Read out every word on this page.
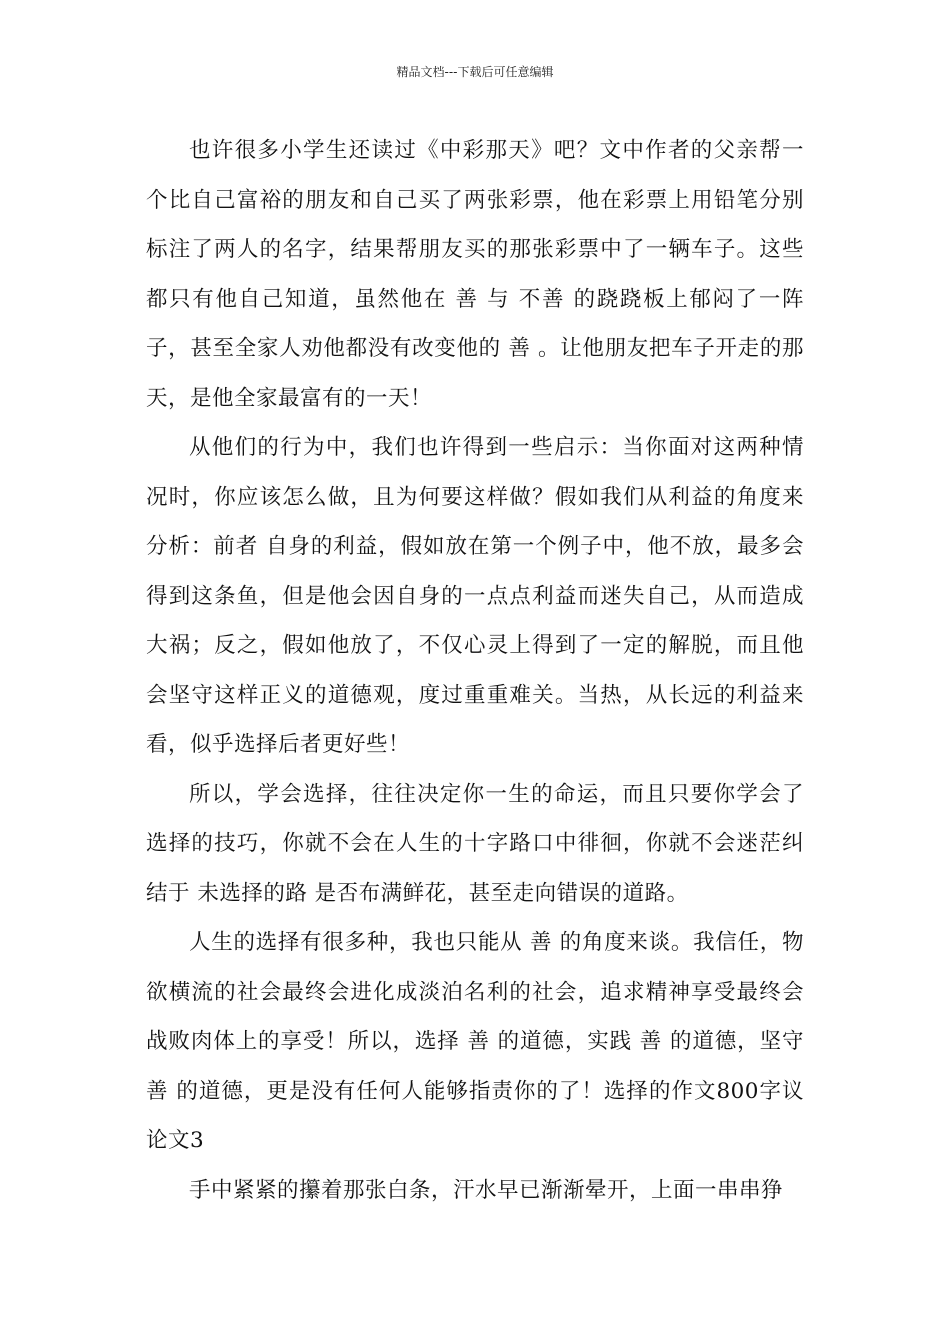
精品文档---下载后可任意编辑

也许很多小学生还读过《中彩那天》吧？文中作者的父亲帮一个比自己富裕的朋友和自己买了两张彩票，他在彩票上用铅笔分别标注了两人的名字，结果帮朋友买的那张彩票中了一辆车子。这些都只有他自己知道，虽然他在 善 与 不善 的跷跷板上郁闷了一阵子，甚至全家人劝他都没有改变他的 善 。让他朋友把车子开走的那天，是他全家最富有的一天！

从他们的行为中，我们也许得到一些启示：当你面对这两种情况时，你应该怎么做，且为何要这样做？假如我们从利益的角度来分析：前者 自身的利益，假如放在第一个例子中，他不放，最多会得到这条鱼，但是他会因自身的一点点利益而迷失自己，从而造成大祸；反之，假如他放了，不仅心灵上得到了一定的解脱，而且他会坚守这样正义的道德观，度过重重难关。当热，从长远的利益来看，似乎选择后者更好些！

所以，学会选择，往往决定你一生的命运，而且只要你学会了选择的技巧，你就不会在人生的十字路口中徘徊，你就不会迷茫纠结于 未选择的路 是否布满鲜花，甚至走向错误的道路。

人生的选择有很多种，我也只能从 善 的角度来谈。我信任，物欲横流的社会最终会进化成淡泊名利的社会，追求精神享受最终会战败肉体上的享受！所以，选择 善 的道德，实践 善 的道德，坚守 善 的道德，更是没有任何人能够指责你的了！选择的作文800字议论文3

手中紧紧的攥着那张白条，汗水早已渐渐晕开，上面一串串狰
